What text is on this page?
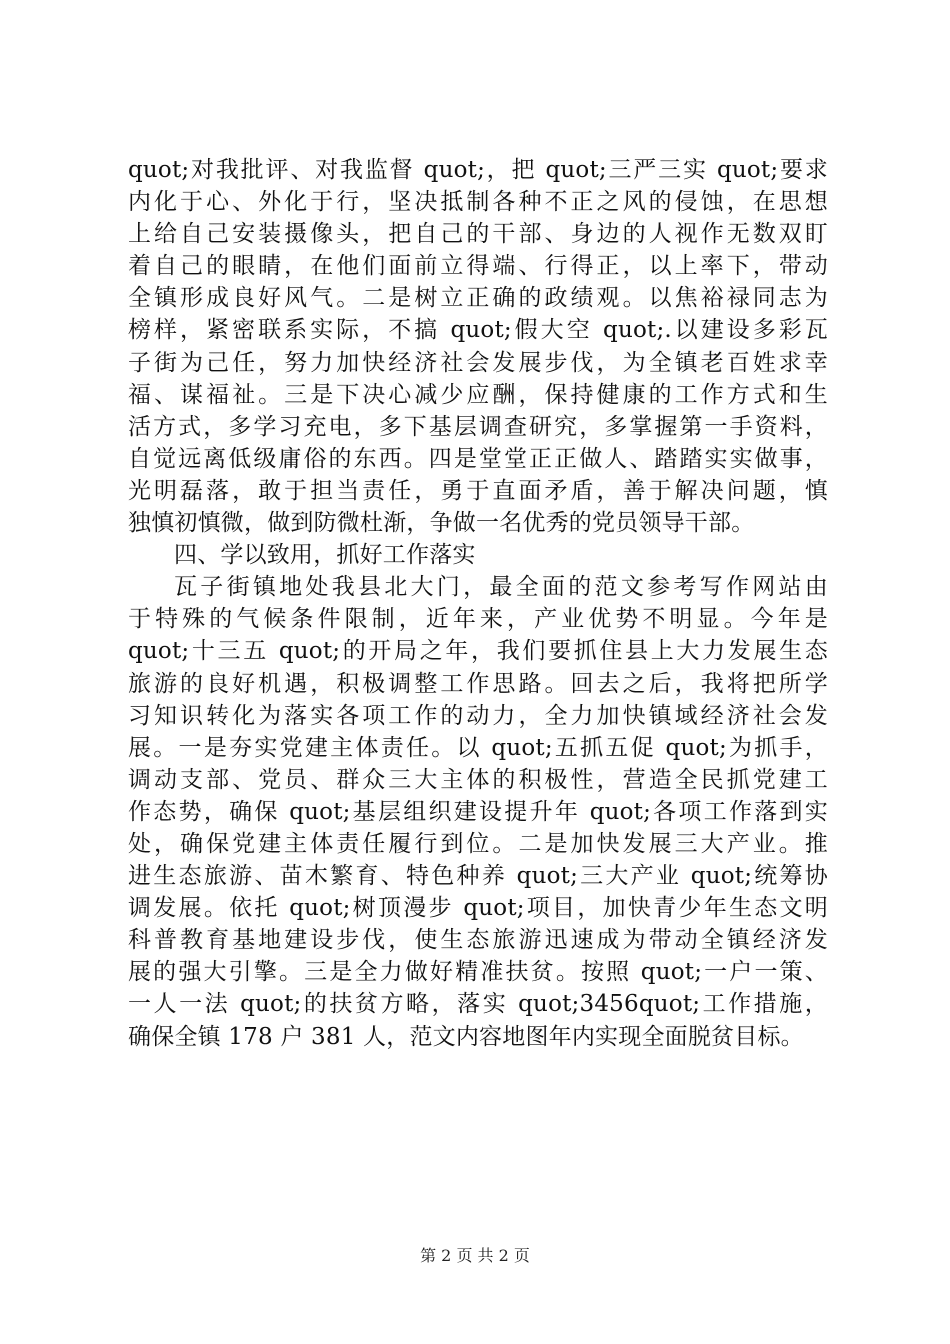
quot;对我批评、对我监督 quot;，把 quot;三严三实 quot;要求
内化于心、外化于行，坚决抵制各种不正之风的侵蚀，在思想
上给自己安装摄像头，把自己的干部、身边的人视作无数双盯
着自己的眼睛，在他们面前立得端、行得正，以上率下，带动
全镇形成良好风气。二是树立正确的政绩观。以焦裕禄同志为
榜样，紧密联系实际，不搞 quot;假大空 quot;.以建设多彩瓦
子街为己任，努力加快经济社会发展步伐，为全镇老百姓求幸
福、谋福祉。三是下决心减少应酬，保持健康的工作方式和生
活方式，多学习充电，多下基层调查研究，多掌握第一手资料，
自觉远离低级庸俗的东西。四是堂堂正正做人、踏踏实实做事，
光明磊落，敢于担当责任，勇于直面矛盾，善于解决问题，慎
独慎初慎微，做到防微杜渐，争做一名优秀的党员领导干部。
四、学以致用，抓好工作落实
瓦子街镇地处我县北大门，最全面的范文参考写作网站由
于特殊的气候条件限制，近年来，产业优势不明显。今年是
quot;十三五 quot;的开局之年，我们要抓住县上大力发展生态
旅游的良好机遇，积极调整工作思路。回去之后，我将把所学
习知识转化为落实各项工作的动力，全力加快镇域经济社会发
展。一是夯实党建主体责任。以 quot;五抓五促 quot;为抓手，
调动支部、党员、群众三大主体的积极性，营造全民抓党建工
作态势，确保 quot;基层组织建设提升年 quot;各项工作落到实
处，确保党建主体责任履行到位。二是加快发展三大产业。推
进生态旅游、苗木繁育、特色种养 quot;三大产业 quot;统筹协
调发展。依托 quot;树顶漫步 quot;项目，加快青少年生态文明
科普教育基地建设步伐，使生态旅游迅速成为带动全镇经济发
展的强大引擎。三是全力做好精准扶贫。按照 quot;一户一策、
一人一法 quot;的扶贫方略，落实 quot;3456quot;工作措施，
确保全镇 178 户 381 人，范文内容地图年内实现全面脱贫目标。
第 2 页 共 2 页
